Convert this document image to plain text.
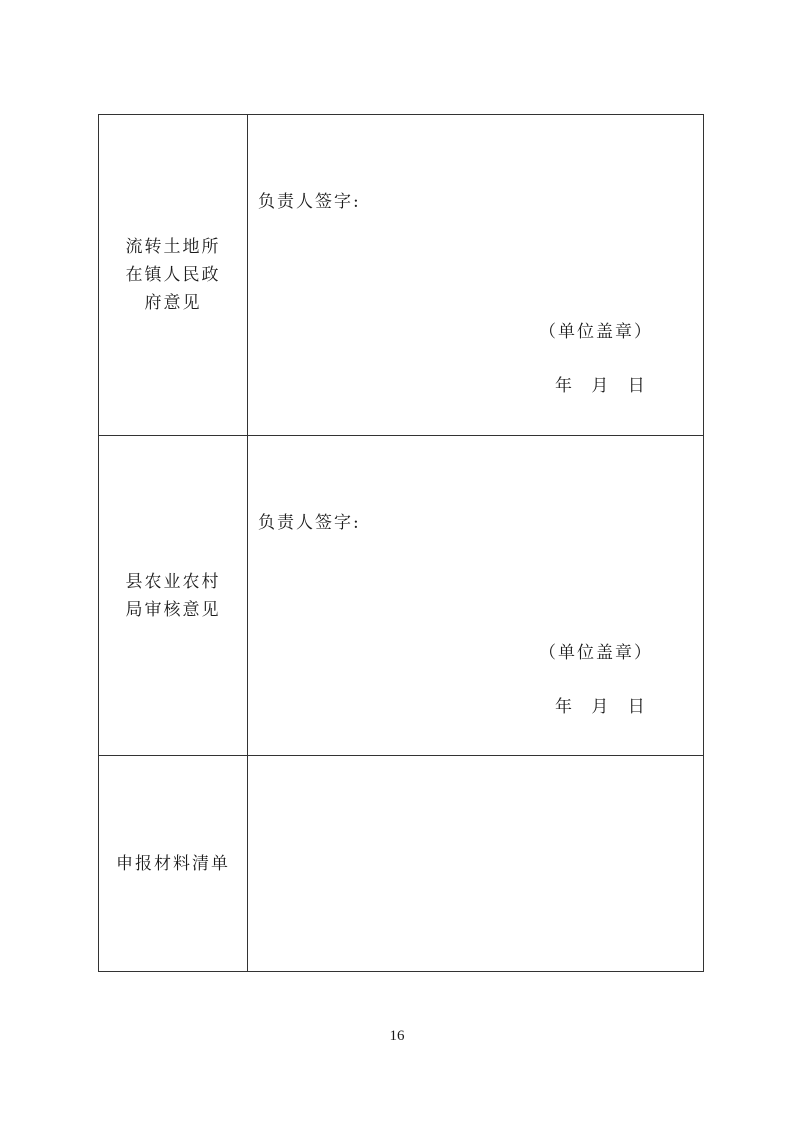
流转土地所在镇人民政府意见
负责人签字:
（单位盖章）
年 月 日
县农业农村局审核意见
负责人签字:
（单位盖章）
年 月 日
申报材料清单
16
